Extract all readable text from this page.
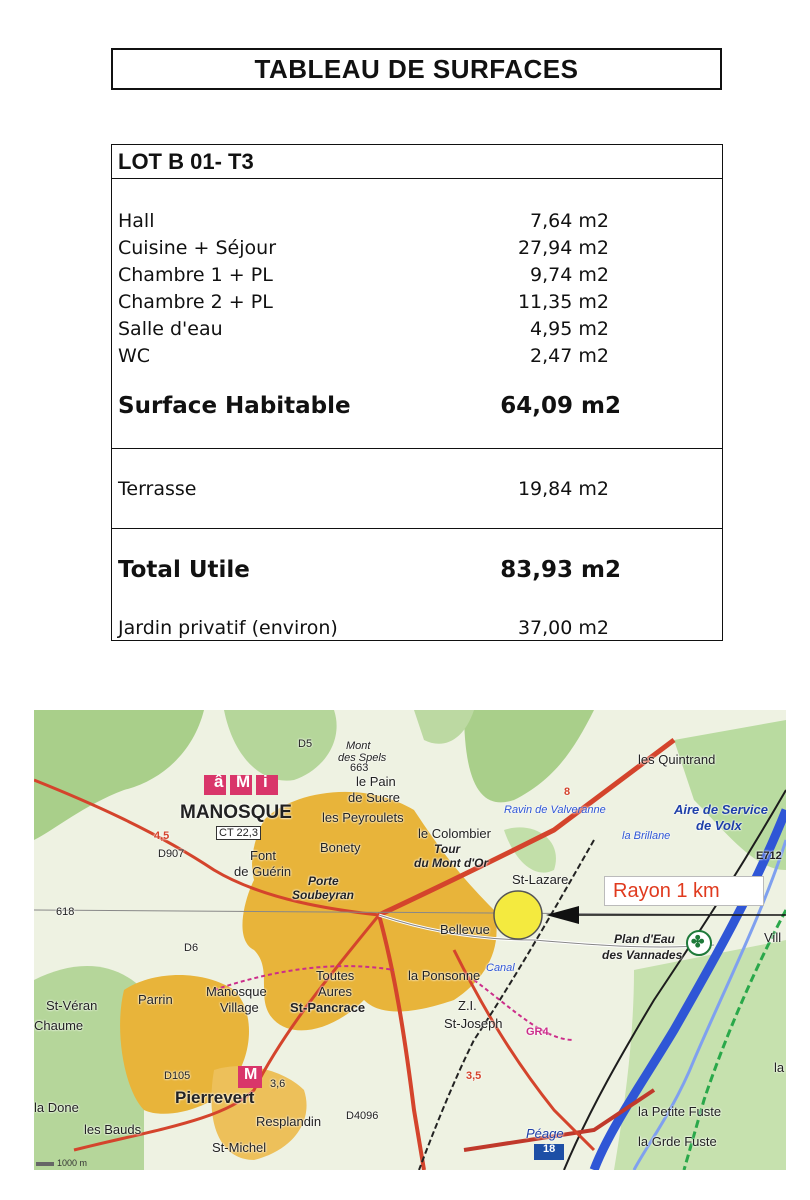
TABLEAU DE SURFACES
LOT B 01- T3
Hall	7,64 m2
Cuisine + Séjour	27,94 m2
Chambre 1 + PL	9,74 m2
Chambre 2 + PL	11,35 m2
Salle d'eau	4,95 m2
WC	2,47 m2
Surface Habitable	64,09 m2
Terrasse	19,84 m2
Total Utile	83,93 m2
Jardin privatif (environ)	37,00 m2
â M i
M
✤
18
MANOSQUE
CT 22,3
Pierrevert
St-Pancrace
le Colombier
Tour
du Mont d'Or
St-Lazare
Bellevue
la Ponsonne
Z.I.
St-Joseph
les Quintrand
Aire de Service
de Volx
Plan d'Eau
des Vannades
Font
de Guérin
Porte
Soubeyran
Toutes
Aures
Manosque
Village
Parrin
St-Véran
Chaume
la Done
les Bauds
St-Michel
Resplandin
la Petite Fuste
la Grde Fuste
Péage
Bonety
les Peyroulets
le Pain
de Sucre
Mont
des Spels
663
618
3,6
D907
D6
D5
D105
D4096
GR4
E712
4,5
3,5
8
Canal
la Brillane
Ravin de Valveranne
Vill
la
Rayon 1 km
1000 m
